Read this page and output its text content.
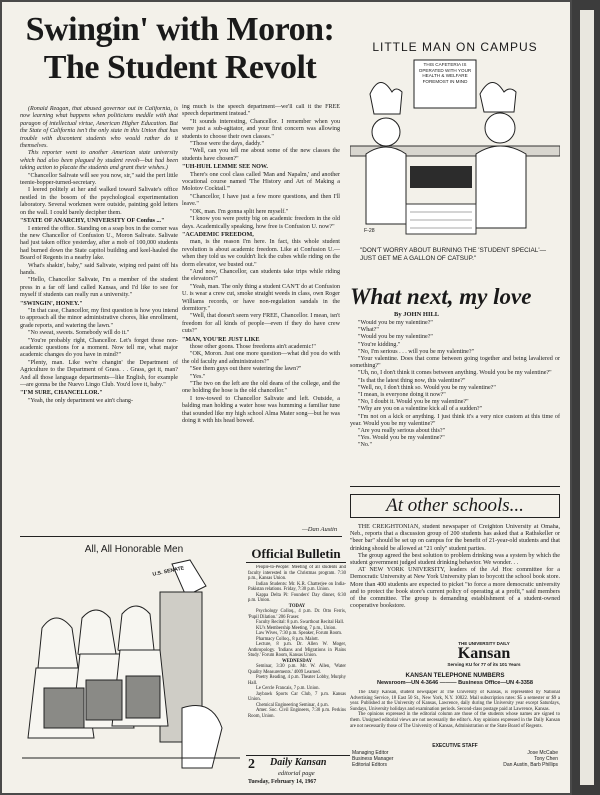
Swingin' with Moron:
The Student Revolt

(Ronald Reagan, that abused governor out in California, is now learning what happens when politicians meddle with that paragon of intellectual virtue, American Higher Education. But the State of California isn't the only state in this Union that has trouble with discontent students who would rather do it themselves.

This reporter went to another American state university which had also been plagued by student revolt—but had been taking action to placate the students and grant their wishes.)

"Chancellor Salivate will see you now, sir," said the pert little teenie-bopper-turned-secretary.

I leered politely at her and walked toward Salivate's office nestled in the bosom of the psychological experimentation laboratory. Several workmen were outside, painting gold letters on the wall. I could barely decipher them.

"STATE OF ANARCHY, UNIVERSITY OF Confus ..."

I entered the office. Standing on a soap box in the corner was the new Chancellor of Confusion U., Moron Salivate. Salivate had just taken office yesterday, after a mob of 100,000 students had burned down the State capitol building and keel-hauled the Board of Regents in a nearby lake.

What's shakin', baby," said Salivate, wiping red paint off his hands.

"Hello, Chancellor Salivate, I'm a member of the student press in a far off land called Kansas, and I'd like to see for myself if students can really run a university."

"SWINGIN', HONEY."

"In that case, Chancellor, my first question is how you intend to approach all the minor administrative chores, like enrollment, grade reports, and watering the lawn."

"No sweat, sweets. Somebody will do it."

"You're probably right, Chancellor. Let's forget those non-academic questions for a moment. Now tell me, what major academic changes do you have in mind?"

"Plenty, man. Like we're changin' the Department of Agriculture to the Department of Grass. . . Grass, get it, man? And all those language departments—like English, for example—are gonna be the Nuevo Lingo Club. You'd love it, baby."

"I'M SURE, CHANCELLOR."

"Yeah, the only department we ain't chang-

ing much is the speech department—we'll call it the FREE speech department instead."

"It sounds interesting, Chancellor. I remember when you were just a sub-agitator, and your first concern was allowing students to choose their own classes."

"Those were the days, daddy."

"Well, can you tell me about some of the new classes the students have chosen?"

"UH-HUH. LEMME SEE NOW.

There's one cool class called 'Man and Napalm,' and another vocational course named 'The History and Art of Making a Molotov Cocktail.'"

"Chancellor, I have just a few more questions, and then I'll leave."

"OK, man. I'm gonna split here myself."

"I know you were pretty big on academic freedom in the old days. Academically speaking, how free is Confusion U. now?"

"ACADEMIC FREEDOM,

man, is the reason I'm here. In fact, this whole student revolution is about academic freedom. Like at Confusion U.—when they told us we couldn't lick the cubes while riding on the dorm elevator, we busted out."

"And now, Chancellor, can students take trips while riding the elevators?"

"Yeah, man. The only thing a student CAN'T do at Confusion U. is wear a crew cut, smoke straight weeds in class, own Roger Williams records, or have non-regulation sandals in the dormitory."

"Well, that doesn't seem very FREE, Chancellor. I mean, isn't freedom for all kinds of people—even if they do have crew cuts?"

"MAN, YOU'RE JUST LIKE

those other goons. Those freedoms ain't academic!"

"OK, Moron. Just one more question—what did you do with the old faculty and administrators?"

"See them guys out there watering the lawn?"

"Yes."

"The two on the left are the old deans of the college, and the one holding the hose is the old chancellor."

I tow-towed to Chancellor Salivate and left. Outside, a balding man holding a water hose was humming a familiar tune that sounded like my high school Alma Mater song—but he was doing it with his head bowed.

—Dan Austin
LITTLE MAN ON CAMPUS
THIS CAFETERIA IS OPERATED WITH YOUR HEALTH & WELFARE FOREMOST IN MIND
F-28
"DON'T WORRY ABOUT BURNING THE 'STUDENT SPECIAL'—JUST GET ME A GALLON OF CATSUP."
What next, my love
By JOHN HILL

"Would you be my valentine?"

"What?"

"Would you be my valentine?"

"You're kidding."

"No, I'm serious . . . will you be my valentine?"

"Your valentine. Does that come between going together and being lavaliered or something?"

"Uh, no, I don't think it comes between anything. Would you be my valentine?"

"Is that the latest thing now, this valentine?"

"Well, no, I don't think so. Would you be my valentine?"

"I mean, is everyone doing it now?"

"No, I doubt it. Would you be my valentine?"

"Why are you on a valentine kick all of a sudden?"

"I'm not on a kick or anything. I just think it's a very nice custom at this time of year. Would you be my valentine?"

"Are you really serious about this?"

"Yes. Would you be my valentine?"

"No."

At other schools...

THE CREIGHTONIAN, student newspaper of Creighton University at Omaha, Neb., reports that a discussion group of 200 students has asked that a Rathskeller or "beer bar" should be set up on campus for the benefit of 21-year-old students and that drinking should be allowed at "21 only" student parties.

The group agreed the best solution to problem drinking was a system by which the student government judged student drinking behavior. We wonder. . .

AT NEW YORK UNIVERSITY, leaders of the Ad Hoc committee for a Democratic University at New York University plan to boycott the school book store. More than 400 students are expected to picket "to force a more democratic university and to protect the book store's current policy of operating at a profit," said members of the committee. The group is demanding establishment of a student-owned cooperative bookstore.

THE UNIVERSITY DAILY
Kansan
Serving KU for 77 of its 101 Years
KANSAN TELEPHONE NUMBERS
Newsroom—UN 4-3646 ——— Business Office—UN 4-3358

The Daily Kansan, student newspaper at The University of Kansas, is represented by National Advertising Service, 18 East 50 St., New York, N.Y. 10022. Mail subscription rates: $5 a semester or $9 a year. Published at the University of Kansas, Lawrence, daily during the University year except Saturdays, Sundays, University holidays and examination periods. Second-class postage paid at Lawrence, Kansas.

The opinions expressed in the editorial column are those of the students whose names are signed to them. Unsigned editorial views are not necessarily the editor's. Any opinions expressed in the Daily Kansan are not necessarily those of The University of Kansas, Administration or the State Board of Regents.

EXECUTIVE STAFF
Managing Editor	Jose McCabe
Business Manager	Tony Chen
Editorial Editors	Dan Austin, Barb Phillips
All, All Honorable Men
U.S. SENATE
Official Bulletin

People-to-People: Meeting of all students and faculty interested in the Christmas program. 7:30 p.m., Kansas Union.

Indian Students: Mr. K.R. Chatterjee on India-Pakistan relations. Friday, 7:30 p.m. Union.

Kappa Delta Pi: Founders' Day dinner, 6:30 p.m. Union.

TODAY

Psychology Colloq., 4 p.m. Dr. Otto Ferris, 'Pupil Dilation.' 206 Fraser.

Faculty Recital: 8 p.m. Swarthout Recital Hall.

KU's Membership Meeting, 7 p.m., Union.

Law Wives, 7:30 p.m. Speaker, Forum Room.

Pharmacy Colloq., 8 p.m. Malott.

Lecture, 8 p.m. Dr. Allen W. Moger, Anthropology. 'Indians and Migrations in Plains Study.' Forum Room, Kansas Union.

WEDNESDAY

Seminar, 3:30 p.m. Mr. W. Allen, 'Water Quality Measurements.' 4009 Learned.

Poetry Reading, 4 p.m. Theater Lobby, Murphy Hall.

Le Cercle Francais, 7 p.m. Union.

Jaybawk Sports Car Club, 7 p.m. Kansas Union.

Chemical Engineering Seminar, 4 p.m.

Amer. Soc. Civil Engineers, 7:30 p.m. Perkins Room, Union.

2 Daily Kansan
editorial page
Tuesday, February 14, 1967
